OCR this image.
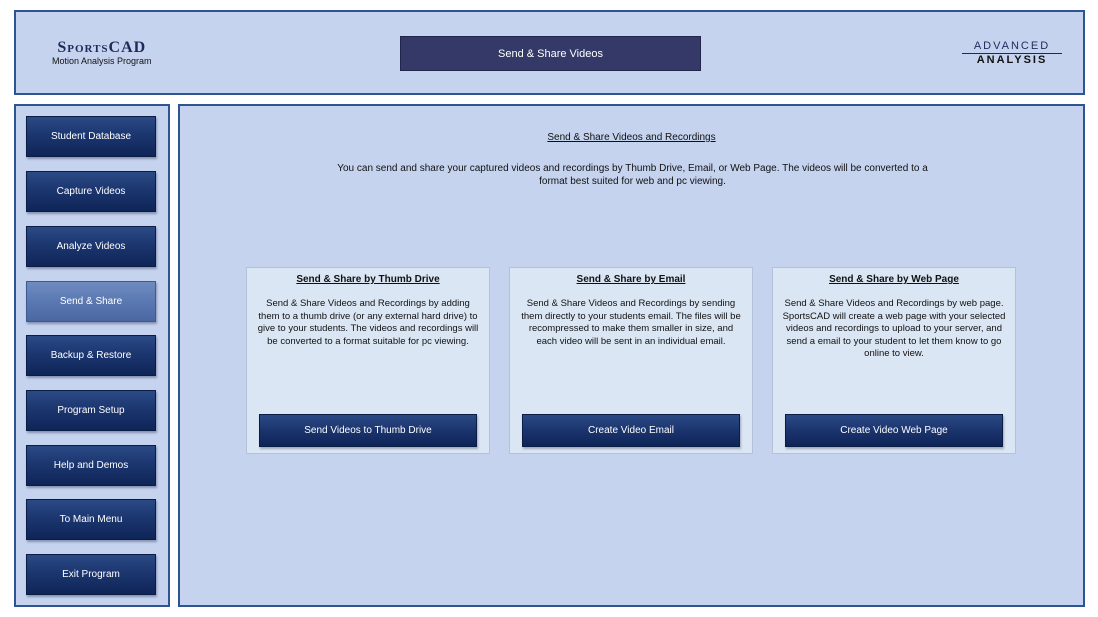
SportsCAD
Motion Analysis Program
Send & Share Videos
ADVANCED
ANALYSIS
Student Database
Capture Videos
Analyze Videos
Send & Share
Backup & Restore
Program Setup
Help and Demos
To Main Menu
Exit Program
Send & Share Videos and Recordings
You can send and share your captured videos and recordings by Thumb Drive, Email, or Web Page. The videos will be converted to a format best suited for web and pc viewing.
Send & Share by Thumb Drive
Send & Share Videos and Recordings by adding them to a thumb drive (or any external hard drive) to give to your students. The videos and recordings will be converted to a format suitable for pc viewing.
Send Videos to Thumb Drive
Send & Share by Email
Send & Share Videos and Recordings by sending them directly to your students email. The files will be recompressed to make them smaller in size, and each video will be sent in an individual email.
Create Video Email
Send & Share by Web Page
Send & Share Videos and Recordings by web page. SportsCAD will create a web page with your selected videos and recordings to upload to your server, and send a email to your student to let them know to go online to view.
Create Video Web Page
